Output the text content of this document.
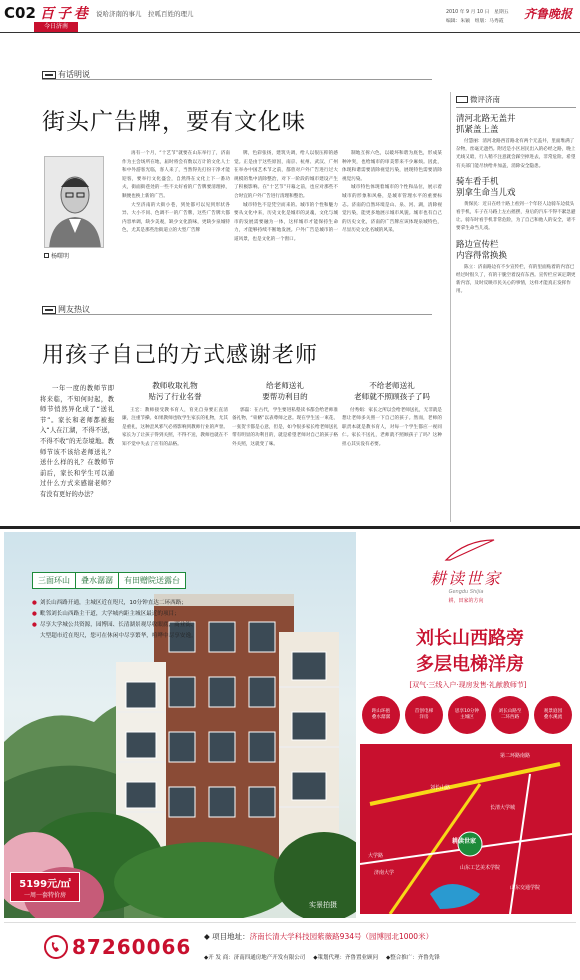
C02 百 子 巷 说哈济南的事儿　拉呱百姓的理儿
今日济南
2010 年 9 月 10 日　星期五
编辑：朱颖　组版：马秀霞
齐鲁晚报
有话明说
街头广告牌，要有文化味
杨曙明

再有一个月，“十艺节”就要在山东举行了，济南作为主会场所在地，届时将会有数以万计的文化人士和中外游客光临，客人来了，当然得先打扮干净才能迎客，要举行文化盛会，自然得在文化上下一番功夫，街面街巷处的一些不太好看的广告牌要清理掉，顺便也换上新的广告。

大至济南的大街小巷，到处都可以见到形状各异、大小不同、色调不一的广告牌，这些广告牌大都内容单调，缺少美观，缺少文化韵味，更缺少泉城特色，尤其是那些治街道立的大型广告牌

牌，色彩张扬，建筑失调，给人以很压抑的感觉。正是由于这些原因，南京、杭州、武汉、广州在举办中国艺术节之前，都曾对户外广告进行过大规模的集中清除整治，对下一阶段的城市建设产生了积极影响。在“十艺节”开幕之前，也应对那些不合时宜的户外广告进行清理和整治。

城市特色不是凭空而来的。城市的个性和魅力要从文化中来，历史文化是城市的灵魂，文化与城市的发展需要融为一体，这样城市才能保持生命力，才能够持续不断地发展。户外广告是城市的一道风景，也是文化的一个窗口。

制地互拆六色，以破坏和谐为底色，形成某种冲突，也给城市的审美带来不少麻烦。因此，体现和谐需要清除视觉污染，展现特色需要清除视觉污染。

城市特色体现着城市的个性和品位，展示着城市的形象和风格，是城市管理水平的重要标志。济南的自然环境是山、泉、河、湖，清除视觉污染，能更多地展示城市风貌。城市也有自己的历史文化，济南的广告牌应该体现泉城特色，尽显历史文化名城的风采。

网友热议
用孩子自己的方式感谢老师

一年一度的教师节即将来临，不知何时起，教师节悄然异化成了“送礼节”。家长和老师都被拖入“人在江湖，不得不送，不得不收”的无奈境地。教师节该不该给老师送礼？送什么样的礼？在教师节前后，家长和学生可以通过什么方式来感谢老师？有没有更好的办法？

教师收取礼物
贴污了行业名誉

王宏：教师接受教书育人，育先自身要正直清廉，注重节操。如果教师也收学生家长的礼物，尤其是重礼，这种歪风邪气必将影响到教师行业的声誉。家长为了让孩子得到关照，不得不送，教师也就在不知不觉中失去了应有的品格。

给老师送礼
要帮功利目的

郭磊：在古代，学生要进私塾读书都会给老师准备礼物，“束脩”以表尊师之意。现在学生送一束花、一张贺卡都是心意，但是，如今很多家长给老师送礼带有明显的功利目的，就是希望老师对自己的孩子格外关照，这就变了味。

不给老师送礼
老师就不照顾孩子了吗

付秀娟：家长之所以会给老师送礼，无非就是想让老师多关照一下自己的孩子。然而，老师的职责本就是教书育人，对每一个学生都应一视同仁。家长不送礼，老师就不照顾孩子了吗？这种担心其实没有必要。

微评济南
清河北路无盖井
抓紧盖上盖

付慧丽：清河北路西首路北有两个无盖井，里面堆满了杂物，丝毫无遮挡。附近是小区居民出入的必经之路，晚上光线又暗，行人稍不注意就会踩空掉进去，非常危险。希望有关部门能尽快给井加盖，消除安全隐患。

骑车看手机
别拿生命当儿戏

黄保民：近日在经十路上看到一个年轻人边骑车边低头看手机，车子在马路上左右摇摆，身后的汽车不得不紧急避让。骑车时看手机非常危险，为了自己和他人的安全，请不要拿生命当儿戏。

路边宣传栏
内容得常换换

陈立：济南路边有不少宣传栏，有的里面贴着的内容已经过时很久了，有的干脆空着没有东西。宣传栏应该定期更新内容，及时反映市民关心的事情，这样才能真正发挥作用。

三面环山	叠水潺潺	有田赠院送露台
● 刘长山西路开通，主城区近在咫尺，10分钟直达二环西路；
● 毗邻刘长山西路主干道，大学城内距主城区最近的项目；
● 尽享大学城公共资源，园博园、长清湖景观尽收眼底，商业街、
大型超市近在咫尺，您可在休闲中尽享繁华，喧哗中尽享安逸。
5199元/㎡
一周一套特价房
实景拍摄
耕读世家
Gengdu Shijia
耕，田家的方向
刘长山西路旁
多层电梯洋房
[双气·三线入户·现房发售·礼献教师节]
距山环抱
叠水潺潺
首创电梯
洋房
思享10分钟
主城区
刘长山路至
二环西路
观景庭园
叠水溪流
第二环路南路
刘长山路
大学路
济南大学
山东工艺美术学院
长清大学城
山东交通学院
耕读世家
87260066 ◆ 项目地址：济南长清大学科技园紫薇路934号（园博园北1000米）
◆开 发 商：济南四通房地产开发有限公司 ◆策划代理：齐鲁置业顾问 ◆整合推广：齐鲁先锋
